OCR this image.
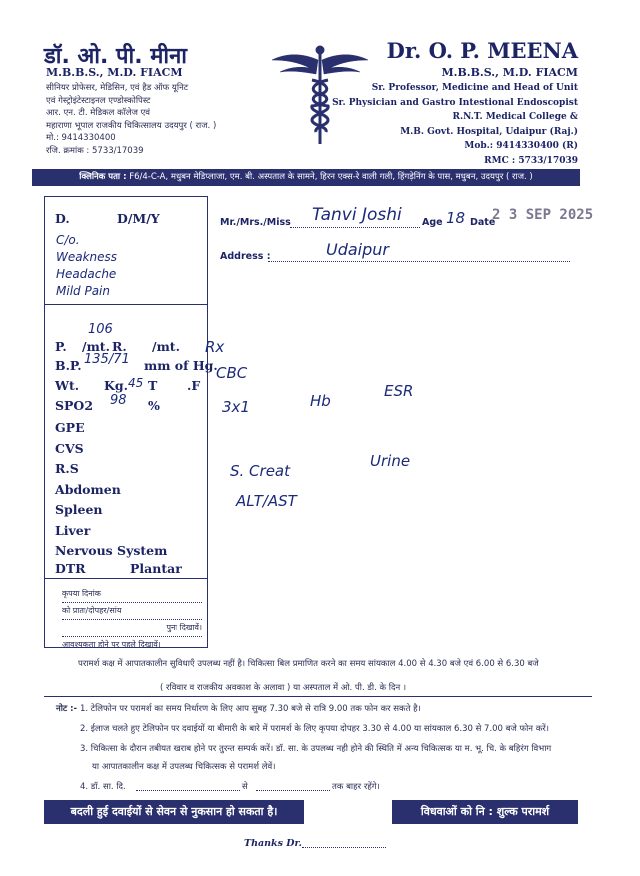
डॉ. ओ. पी. मीना
M.B.B.S., M.D. FIACM
सीनियर प्रोफेसर, मेडिसिन, एवं हैड ऑफ यूनिट
एवं गेस्ट्रोइंटेस्टाइनल एण्डोस्कोपिस्ट
आर. एन. टी. मेडिकल कॉलेज एवं
महाराणा भूपाल राजकीय चिकित्सालय उदयपुर ( राज. )
मो.: 9414330400
रजि. क्रमांक : 5733/17039
Dr. O. P. MEENA
M.B.B.S., M.D. FIACM
Sr. Professor, Medicine and Head of Unit
Sr. Physician and Gastro Intestional Endoscopist
R.N.T. Medical College &
M.B. Govt. Hospital, Udaipur (Raj.)
Mob.: 9414330400 (R)
RMC : 5733/17039
क्लिनिक पता : F6/4-C-A, मधुबन मेडिप्लाजा, एम. बी. अस्पताल के सामने, हिरन एक्स-रे वाली गली, हिंगड़ेनिंग के पास, मधुबन, उदयपुर ( राज. )
D.	D/M/Y
C/o.
Weakness
Headache
Mild Pain
106
P. /mt. R. /mt.
B.P. 135/71 mm of Hg.
Wt. Kg. 45 T .F
SPO2 98 %
GPE
CVS
R.S
Abdomen
Spleen
Liver
Nervous System
DTR	Plantar
कृपया दिनांक
को प्रातः/दोपहर/सांय
पुनः दिखावें।
आवश्यकता होने पर पहले दिखावें।
Mr./Mrs./Miss Tanvi Joshi Age 18 Date
2 3 SEP 2025
Address :	Udaipur
Rx
CBC
3x1	Hb
ESR
S. Creat
Urine
ALT/AST
परामर्श कक्ष में आपातकालीन सुविधाएँ उपलब्ध नहीं है। चिकित्सा बिल प्रमाणित करने का समय सांयकाल 4.00 से 4.30 बजे एवं 6.00 से 6.30 बजे
( रविवार व राजकीय अवकाश के अलावा ) या अस्पताल में ओ. पी. डी. के दिन ।
नोट :- 1. टेलिफोन पर परामर्श का समय निर्धारण के लिए आप सुबह 7.30 बजे से रात्रि 9.00 तक फोन कर सकते है।
2. ईलाज चलते हुए टेलिफोन पर दवाईयों या बीमारी के बारे में परामर्श के लिए कृपया दोपहर 3.30 से 4.00 या सांयकाल 6.30 से 7.00 बजे फोन करें।
3. चिकित्सा के दौरान तबीयत खराब होने पर तुरन्त सम्पर्क करें। डॉ. सा. के उपलब्ध नही होने की स्थिति में अन्य चिकित्सक या म. भू. चि. के बहिरंग विभाग
या आपातकालीन कक्ष में उपलब्ध चिकित्सक से परामर्श लेवें।
4. डॉ. सा. दि.	से	तक बाहर रहेंगे।
बदली हुई दवाईयों से सेवन से नुकसान हो सकता है।	विधवाओं को नि : शुल्क परामर्श
Thanks Dr.
